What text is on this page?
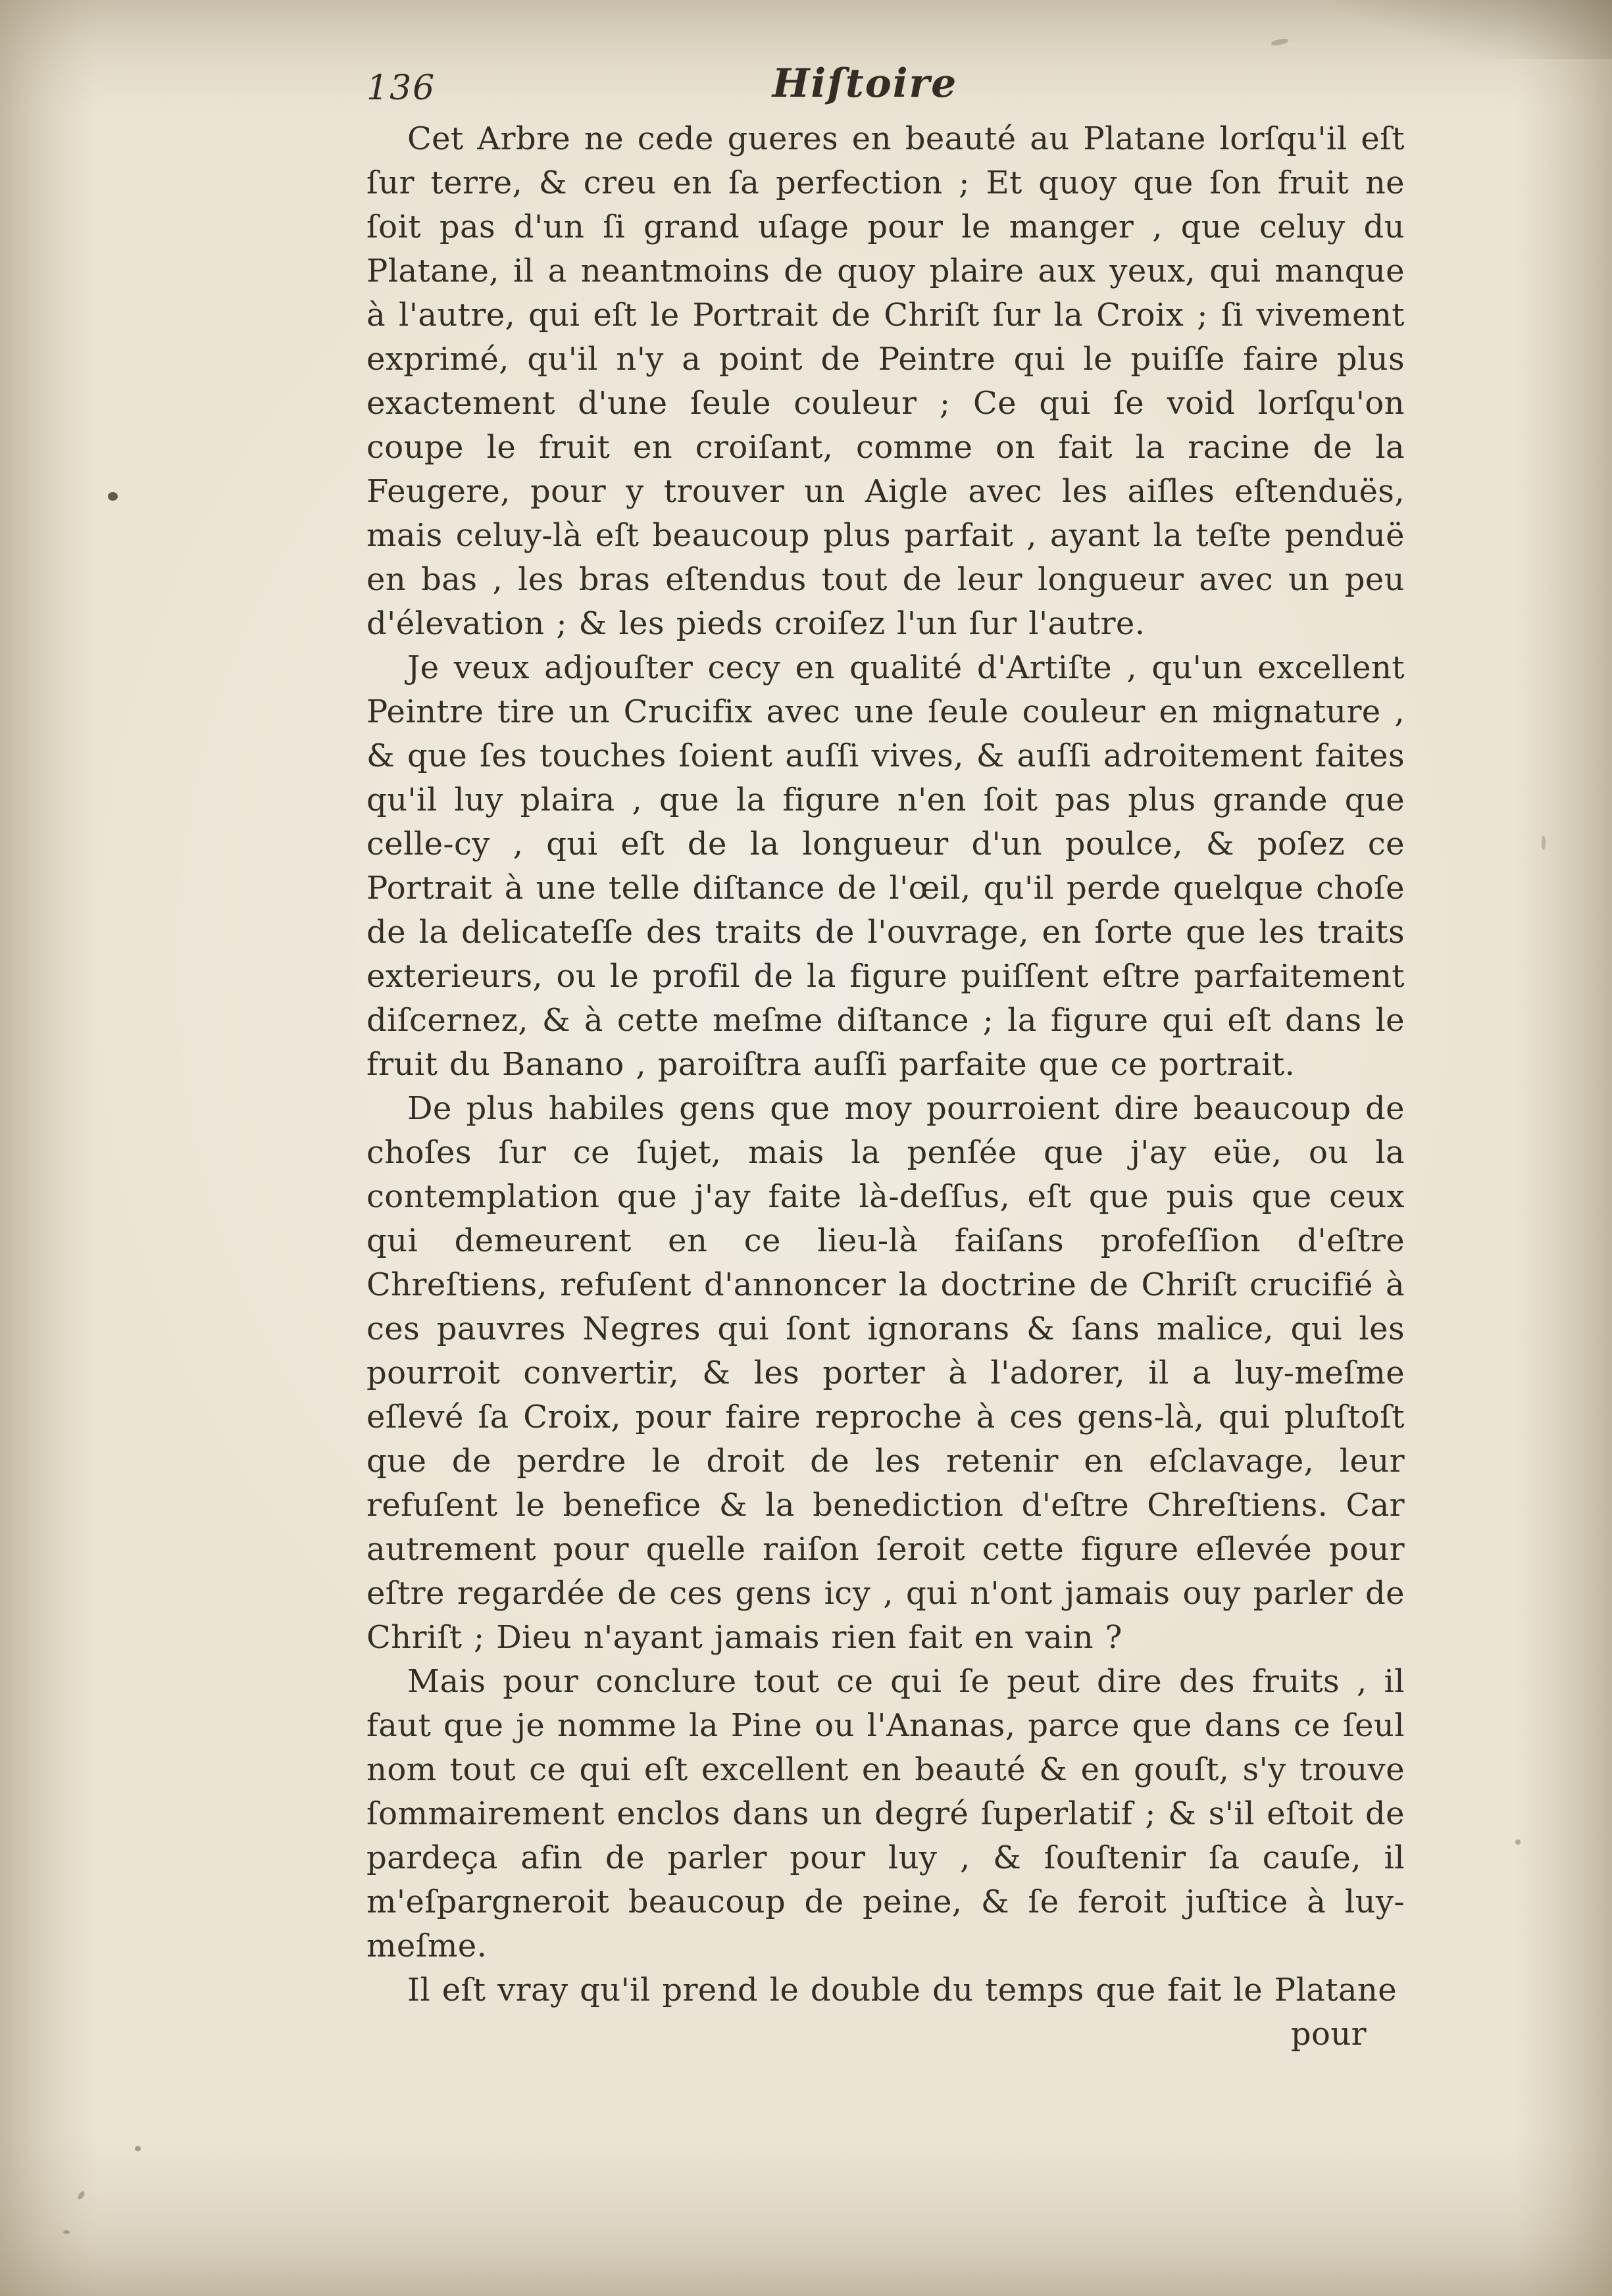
136	Hiſtoire

Cet Arbre ne cede gueres en beauté au Platane lorſqu'il eſt ſur terre, & creu en ſa perfection ; Et quoy que ſon fruit ne ſoit pas d'un ſi grand uſage pour le manger , que celuy du Platane, il a neantmoins de quoy plaire aux yeux, qui manque à l'autre, qui eſt le Portrait de Chriſt ſur la Croix ; ſi vivement exprimé, qu'il n'y a point de Peintre qui le puiſſe faire plus exactement d'une ſeule couleur ; Ce qui ſe void lorſqu'on coupe le fruit en croiſant, comme on fait la racine de la Feugere, pour y trouver un Aigle avec les aiſles eſtenduës, mais celuy-là eſt beaucoup plus parfait , ayant la teſte penduë en bas , les bras eſtendus tout de leur longueur avec un peu d'élevation ; & les pieds croiſez l'un ſur l'autre.

Je veux adjouſter cecy en qualité d'Artiſte , qu'un excellent Peintre tire un Crucifix avec une ſeule couleur en mignature , & que ſes touches ſoient auſſi vives, & auſſi adroitement faites qu'il luy plaira , que la figure n'en ſoit pas plus grande que celle-cy , qui eſt de la longueur d'un poulce, & poſez ce Portrait à une telle diſtance de l'œil, qu'il perde quelque choſe de la delicateſſe des traits de l'ouvrage, en ſorte que les traits exterieurs, ou le profil de la figure puiſſent eſtre parfaitement diſcernez, & à cette meſme diſtance ; la figure qui eſt dans le fruit du Banano , paroiſtra auſſi parfaite que ce portrait.

De plus habiles gens que moy pourroient dire beaucoup de choſes ſur ce ſujet, mais la penſée que j'ay eüe, ou la contemplation que j'ay faite là-deſſus, eſt que puis que ceux qui demeurent en ce lieu-là faiſans profeſſion d'eſtre Chreſtiens, refuſent d'annoncer la doctrine de Chriſt crucifié à ces pauvres Negres qui ſont ignorans & ſans malice, qui les pourroit convertir, & les porter à l'adorer, il a luy-meſme eſlevé ſa Croix, pour faire reproche à ces gens-là, qui pluſtoſt que de perdre le droit de les retenir en eſclavage, leur refuſent le benefice & la benediction d'eſtre Chreſtiens. Car autrement pour quelle raiſon ſeroit cette figure eſlevée pour eſtre regardée de ces gens icy , qui n'ont jamais ouy parler de Chriſt ; Dieu n'ayant jamais rien fait en vain ?

Mais pour conclure tout ce qui ſe peut dire des fruits , il faut que je nomme la Pine ou l'Ananas, parce que dans ce ſeul nom tout ce qui eſt excellent en beauté & en gouſt, s'y trouve ſommairement enclos dans un degré ſuperlatif ; & s'il eſtoit de pardeça afin de parler pour luy , & ſouſtenir ſa cauſe, il m'eſpargneroit beaucoup de peine, & ſe feroit juſtice à luy-meſme.

Il eſt vray qu'il prend le double du temps que fait le Platane

pour
